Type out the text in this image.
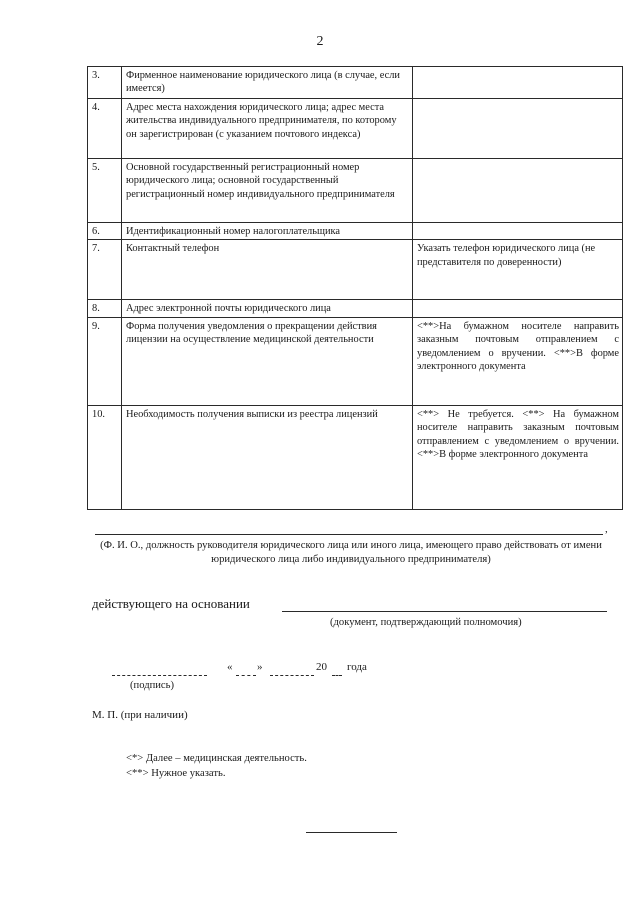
2
3.	Фирменное наименование юридического лица (в случае, если имеется)	
4.	Адрес места нахождения юридического лица; адрес места жительства индивидуального предпринимателя, по которому он зарегистрирован (с указанием почтового индекса)	
5.	Основной государственный регистрационный номер юридического лица; основной государственный регистрационный номер индивидуального предпринимателя	
6.	Идентификационный номер налогоплательщика	
7.	Контактный телефон	Указать телефон юридического лица (не представителя по доверенности)
8.	Адрес электронной почты юридического лица	
9.	Форма получения уведомления о прекращении действия лицензии на осуществление медицинской деятельности	<**>На бумажном носителе направить заказным почтовым отправлением с уведомлением о вручении. <**>В форме электронного документа
10.	Необходимость получения выписки из реестра лицензий	<**> Не требуется. <**> На бумажном носителе направить заказным почтовым отправлением с уведомлением о вручении. <**>В форме электронного документа
,
(Ф. И. О., должность руководителя юридического лица или иного лица, имеющего право действовать от имени юридического лица либо индивидуального предпринимателя)
действующего на основании
(документ, подтверждающий полномочия)
« »	20 года
(подпись)
М. П. (при наличии)
<*> Далее – медицинская деятельность.
<**> Нужное указать.
